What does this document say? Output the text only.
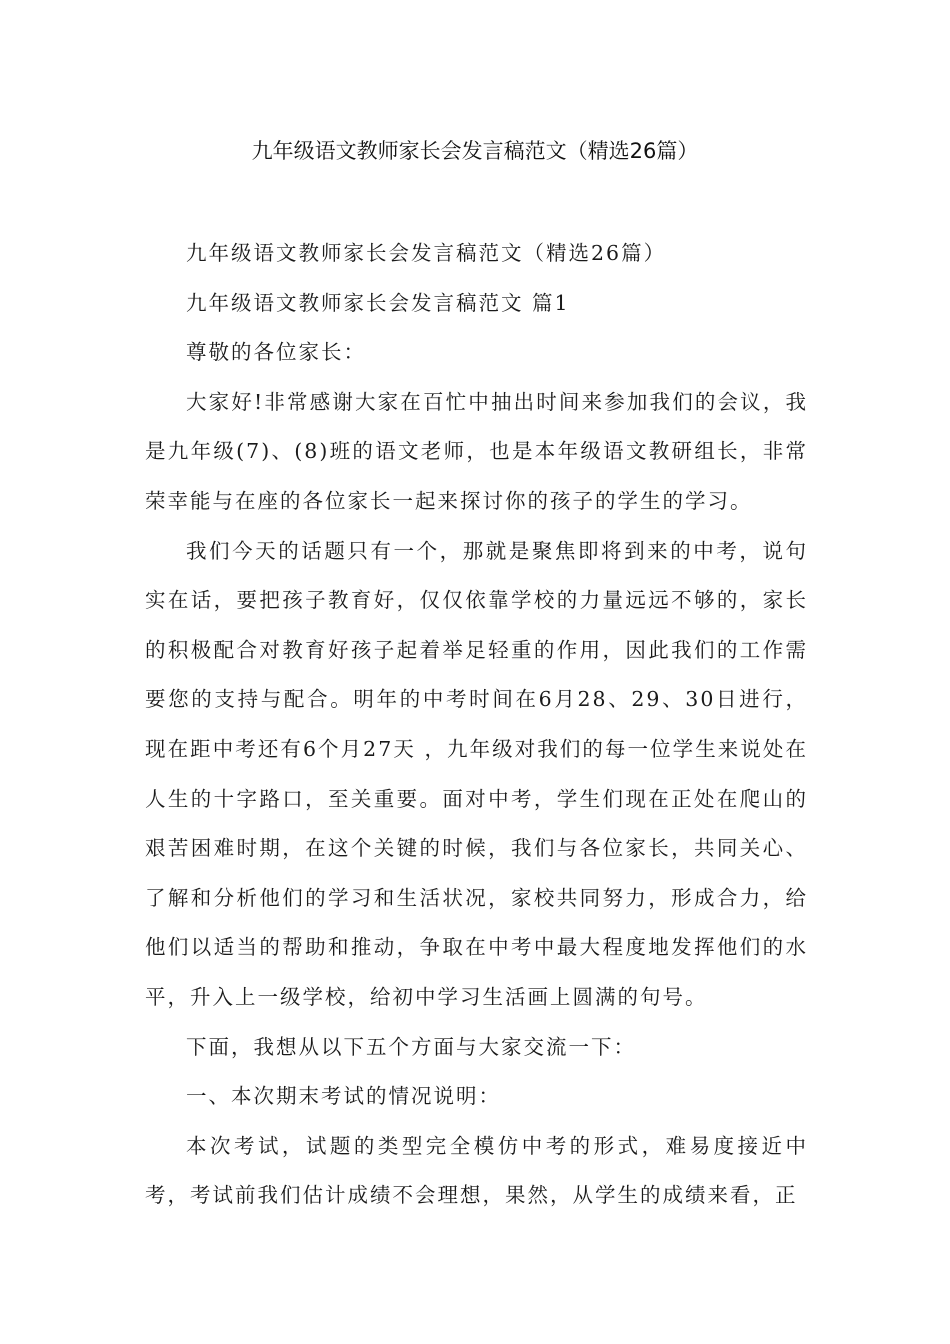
九年级语文教师家长会发言稿范文（精选26篇）

九年级语文教师家长会发言稿范文（精选26篇）

九年级语文教师家长会发言稿范文 篇1

尊敬的各位家长：

大家好!非常感谢大家在百忙中抽出时间来参加我们的会议，我是九年级(7)、(8)班的语文老师，也是本年级语文教研组长，非常荣幸能与在座的各位家长一起来探讨你的孩子的学生的学习。

我们今天的话题只有一个，那就是聚焦即将到来的中考，说句实在话，要把孩子教育好，仅仅依靠学校的力量远远不够的，家长的积极配合对教育好孩子起着举足轻重的作用，因此我们的工作需要您的支持与配合。明年的中考时间在6月28、29、30日进行，现在距中考还有6个月27天 ，九年级对我们的每一位学生来说处在人生的十字路口，至关重要。面对中考，学生们现在正处在爬山的艰苦困难时期，在这个关键的时候，我们与各位家长，共同关心、了解和分析他们的学习和生活状况，家校共同努力，形成合力，给他们以适当的帮助和推动，争取在中考中最大程度地发挥他们的水平，升入上一级学校，给初中学习生活画上圆满的句号。

下面，我想从以下五个方面与大家交流一下：

一、本次期末考试的情况说明：

本次考试，试题的类型完全模仿中考的形式，难易度接近中考，考试前我们估计成绩不会理想，果然，从学生的成绩来看，正
